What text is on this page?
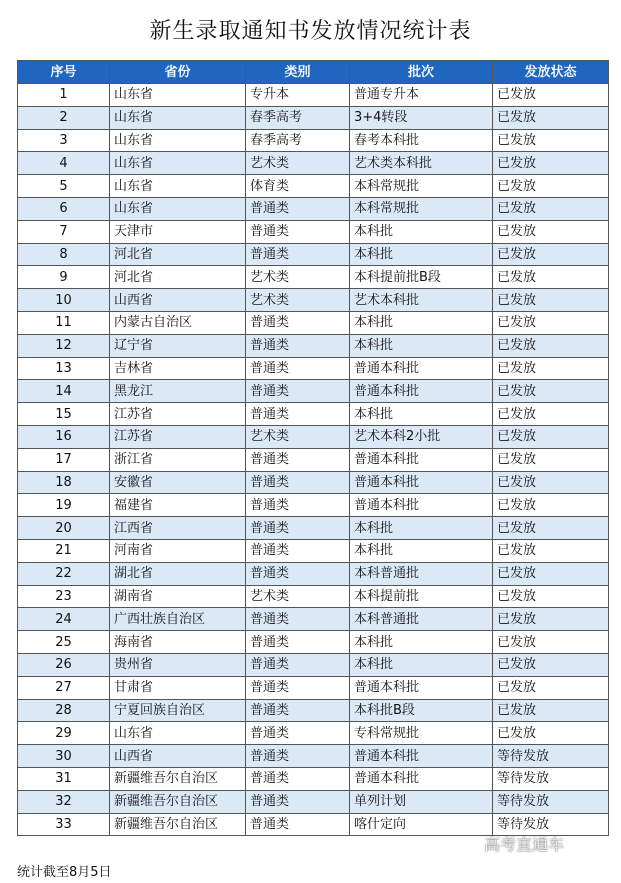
新生录取通知书发放情况统计表
序号	省份	类别	批次	发放状态
1	山东省	专升本	普通专升本	已发放
2	山东省	春季高考	3+4转段	已发放
3	山东省	春季高考	春考本科批	已发放
4	山东省	艺术类	艺术类本科批	已发放
5	山东省	体育类	本科常规批	已发放
6	山东省	普通类	本科常规批	已发放
7	天津市	普通类	本科批	已发放
8	河北省	普通类	本科批	已发放
9	河北省	艺术类	本科提前批B段	已发放
10	山西省	艺术类	艺术本科批	已发放
11	内蒙古自治区	普通类	本科批	已发放
12	辽宁省	普通类	本科批	已发放
13	吉林省	普通类	普通本科批	已发放
14	黑龙江	普通类	普通本科批	已发放
15	江苏省	普通类	本科批	已发放
16	江苏省	艺术类	艺术本科2小批	已发放
17	浙江省	普通类	普通本科批	已发放
18	安徽省	普通类	普通本科批	已发放
19	福建省	普通类	普通本科批	已发放
20	江西省	普通类	本科批	已发放
21	河南省	普通类	本科批	已发放
22	湖北省	普通类	本科普通批	已发放
23	湖南省	艺术类	本科提前批	已发放
24	广西壮族自治区	普通类	本科普通批	已发放
25	海南省	普通类	本科批	已发放
26	贵州省	普通类	本科批	已发放
27	甘肃省	普通类	普通本科批	已发放
28	宁夏回族自治区	普通类	本科批B段	已发放
29	山东省	普通类	专科常规批	已发放
30	山西省	普通类	普通本科批	等待发放
31	新疆维吾尔自治区	普通类	普通本科批	等待发放
32	新疆维吾尔自治区	普通类	单列计划	等待发放
33	新疆维吾尔自治区	普通类	喀什定向	等待发放
统计截至8月5日
高考直通车
